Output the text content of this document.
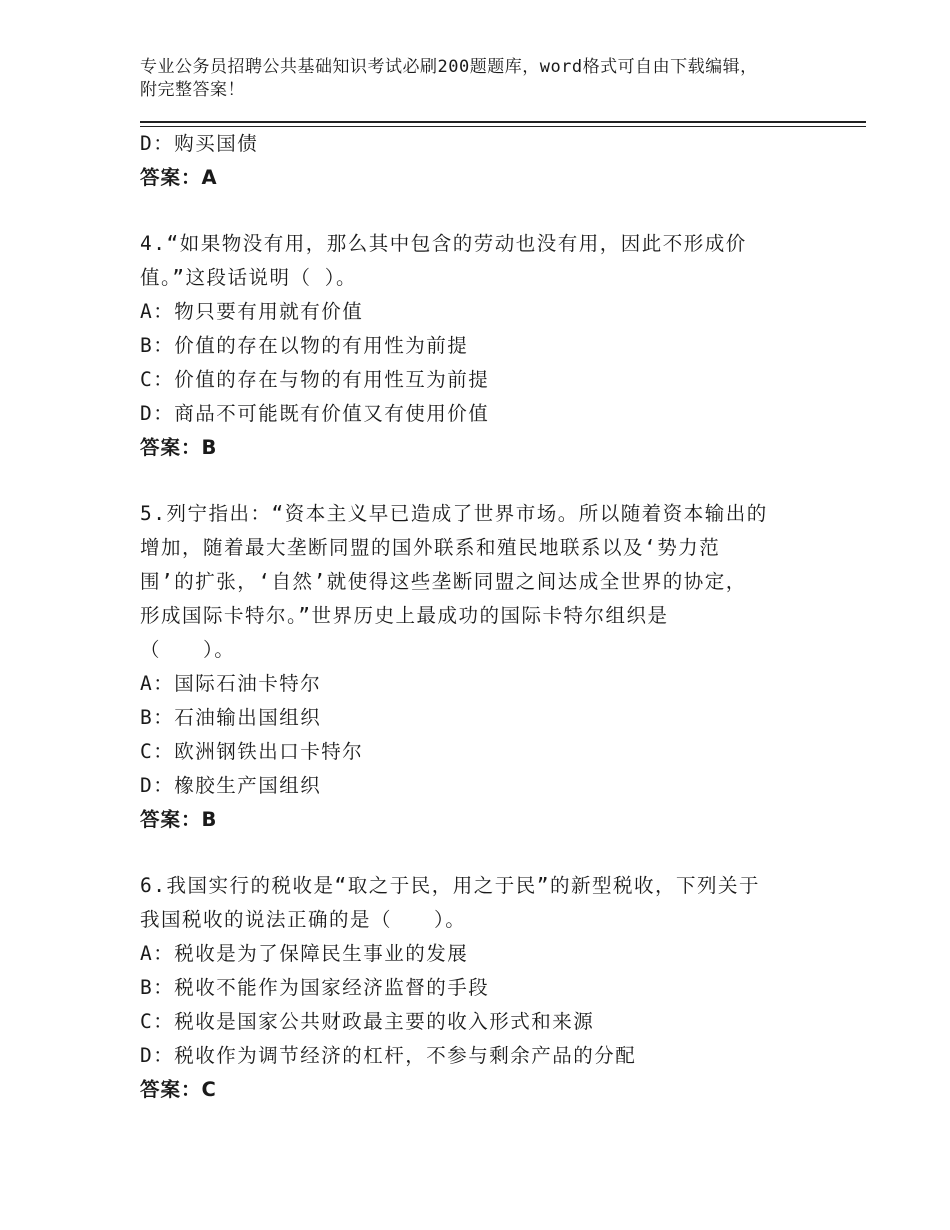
专业公务员招聘公共基础知识考试必刷200题题库，word格式可自由下载编辑，
附完整答案！
D：购买国债
答案：A
4.“如果物没有用，那么其中包含的劳动也没有用，因此不形成价
值。”这段话说明（ ）。
A：物只要有用就有价值
B：价值的存在以物的有用性为前提
C：价值的存在与物的有用性互为前提
D：商品不可能既有价值又有使用价值
答案：B
5.列宁指出：“资本主义早已造成了世界市场。所以随着资本输出的
增加，随着最大垄断同盟的国外联系和殖民地联系以及‘势力范
围’的扩张，‘自然’就使得这些垄断同盟之间达成全世界的协定，
形成国际卡特尔。”世界历史上最成功的国际卡特尔组织是
（　　）。
A：国际石油卡特尔
B：石油输出国组织
C：欧洲钢铁出口卡特尔
D：橡胶生产国组织
答案：B
6.我国实行的税收是“取之于民，用之于民”的新型税收，下列关于
我国税收的说法正确的是（　　）。
A：税收是为了保障民生事业的发展
B：税收不能作为国家经济监督的手段
C：税收是国家公共财政最主要的收入形式和来源
D：税收作为调节经济的杠杆，不参与剩余产品的分配
答案：C
